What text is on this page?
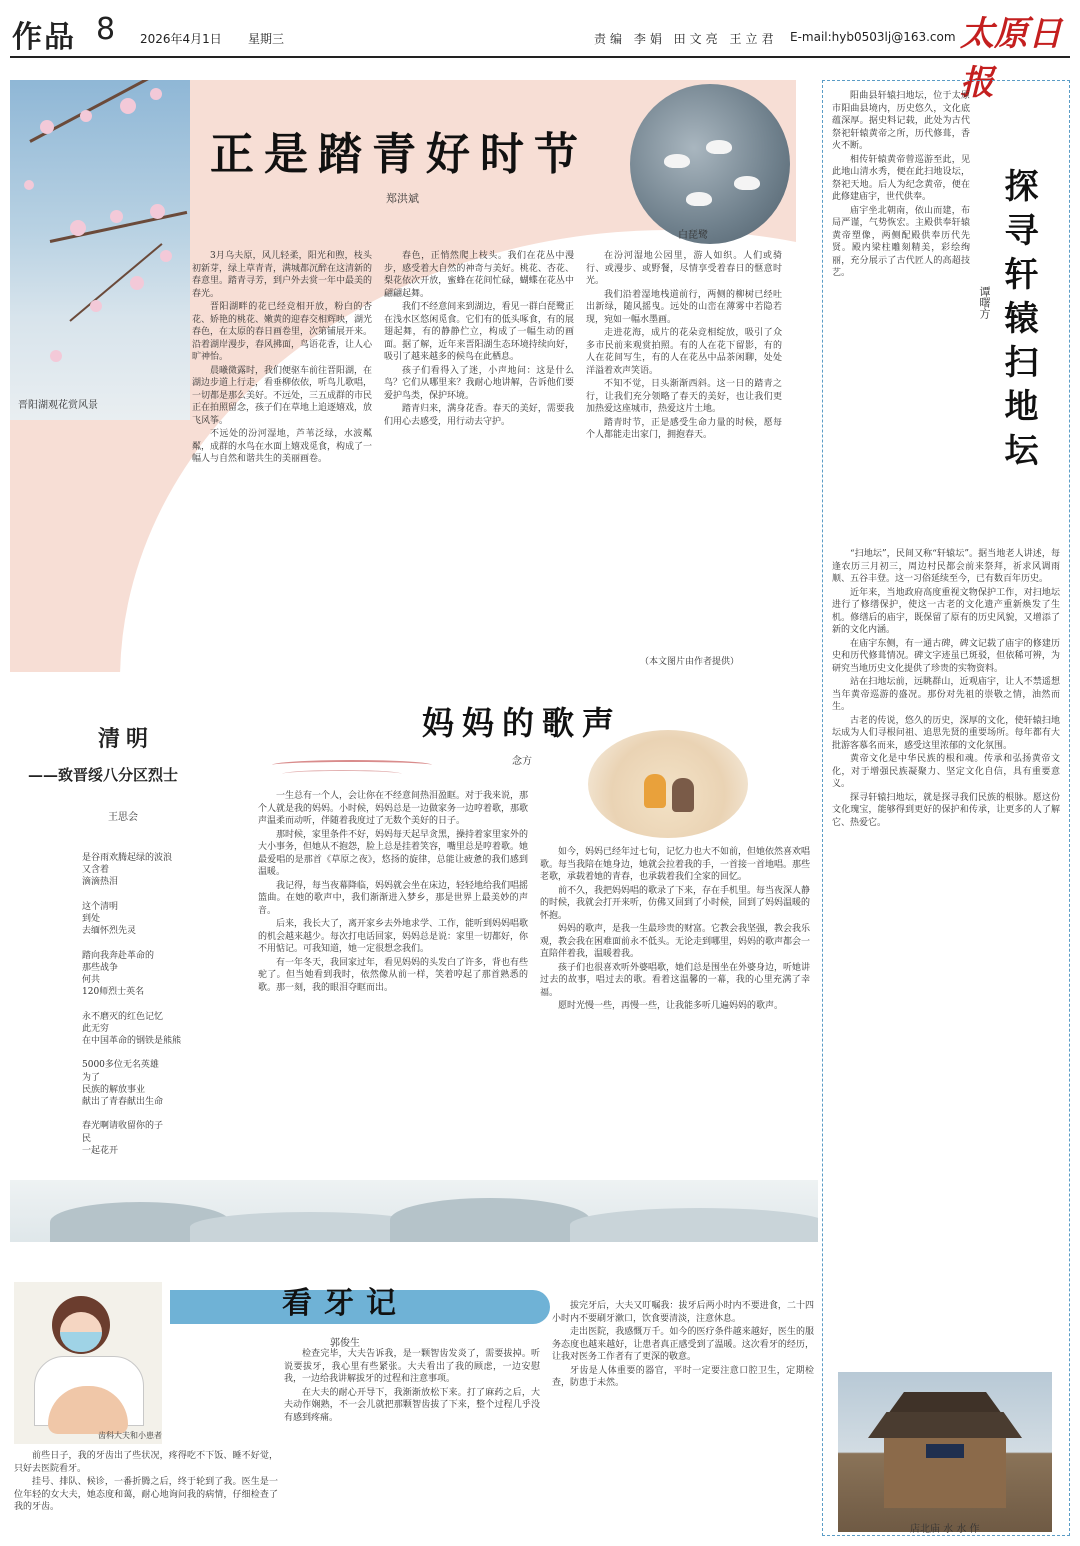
作品 8 2026年4月1日 星期三	责编 李娟 田文亮 王立君 E-mail:hyb0503lj@163.com 太原日报
晋阳湖观花赏风景
正是踏青好时节
郑洪斌
白琵鹭

3月乌夫原，风儿轻柔，阳光和煦，枝头初新芽，绿上草青青，满城都沉醉在这清新的春意里。踏青寻芳，到户外去赏一年中最美的春光。

晋阳湖畔的花已经竞相开放，粉白的杏花、娇艳的桃花、嫩黄的迎春交相辉映，湖光春色，在太原的春日画卷里，次第铺展开来。沿着湖岸漫步，春风拂面，鸟语花香，让人心旷神怡。

晨曦微露时，我们便驱车前往晋阳湖，在湖边步道上行走，看垂柳依依，听鸟儿歌唱，一切都是那么美好。不远处，三五成群的市民正在拍照留念，孩子们在草地上追逐嬉戏，放飞风筝。

不远处的汾河湿地，芦苇泛绿，水波粼粼，成群的水鸟在水面上嬉戏觅食，构成了一幅人与自然和谐共生的美丽画卷。

春色，正悄然爬上枝头。我们在花丛中漫步，感受着大自然的神奇与美好。桃花、杏花、梨花依次开放，蜜蜂在花间忙碌，蝴蝶在花丛中翩翩起舞。

我们不经意间来到湖边，看见一群白琵鹭正在浅水区悠闲觅食。它们有的低头啄食，有的展翅起舞，有的静静伫立，构成了一幅生动的画面。据了解，近年来晋阳湖生态环境持续向好，吸引了越来越多的候鸟在此栖息。

孩子们看得入了迷，小声地问：这是什么鸟？它们从哪里来？我耐心地讲解，告诉他们要爱护鸟类，保护环境。

踏青归来，满身花香。春天的美好，需要我们用心去感受，用行动去守护。

在汾河湿地公园里，游人如织。人们或骑行、或漫步、或野餐，尽情享受着春日的惬意时光。

我们沿着湿地栈道前行，两侧的柳树已经吐出新绿，随风摇曳。远处的山峦在薄雾中若隐若现，宛如一幅水墨画。

走进花海，成片的花朵竞相绽放，吸引了众多市民前来观赏拍照。有的人在花下留影，有的人在花间写生，有的人在花丛中品茶闲聊，处处洋溢着欢声笑语。

不知不觉，日头渐渐西斜。这一日的踏青之行，让我们充分领略了春天的美好，也让我们更加热爱这座城市，热爱这片土地。

踏青时节，正是感受生命力量的时候，愿每个人都能走出家门，拥抱春天。

（本文图片由作者提供）
清明
——致晋绥八分区烈士
王思会
是谷雨欢腾起绿的波浪
又含着
滴滴热泪
这个清明
到处
去缅怀烈先灵
踏向我奔赴革命的
那些战争
何共
120师烈士英名
永不磨灭的红色记忆
此无穷
在中国革命的钢铁是熊熊
5000多位无名英雄
为了
民族的解放事业
献出了青春献出生命
春光啊请收留你的子
民
一起花开
妈妈的歌声
念方

一生总有一个人，会让你在不经意间热泪盈眶。对于我来说，那个人就是我的妈妈。小时候，妈妈总是一边做家务一边哼着歌，那歌声温柔而动听，伴随着我度过了无数个美好的日子。

那时候，家里条件不好，妈妈每天起早贪黑，操持着家里家外的大小事务，但她从不抱怨，脸上总是挂着笑容，嘴里总是哼着歌。她最爱唱的是那首《草原之夜》，悠扬的旋律，总能让疲惫的我们感到温暖。

我记得，每当夜幕降临，妈妈就会坐在床边，轻轻地给我们唱摇篮曲。在她的歌声中，我们渐渐进入梦乡，那是世界上最美妙的声音。

后来，我长大了，离开家乡去外地求学、工作，能听到妈妈唱歌的机会越来越少。每次打电话回家，妈妈总是说：家里一切都好，你不用惦记。可我知道，她一定很想念我们。

有一年冬天，我回家过年，看见妈妈的头发白了许多，背也有些驼了。但当她看到我时，依然像从前一样，笑着哼起了那首熟悉的歌。那一刻，我的眼泪夺眶而出。

如今，妈妈已经年过七旬，记忆力也大不如前，但她依然喜欢唱歌。每当我陪在她身边，她就会拉着我的手，一首接一首地唱。那些老歌，承载着她的青春，也承载着我们全家的回忆。

前不久，我把妈妈唱的歌录了下来，存在手机里。每当夜深人静的时候，我就会打开来听，仿佛又回到了小时候，回到了妈妈温暖的怀抱。

妈妈的歌声，是我一生最珍贵的财富。它教会我坚强，教会我乐观，教会我在困难面前永不低头。无论走到哪里，妈妈的歌声都会一直陪伴着我，温暖着我。

孩子们也很喜欢听外婆唱歌，她们总是围坐在外婆身边，听她讲过去的故事，唱过去的歌。看着这温馨的一幕，我的心里充满了幸福。

愿时光慢一些，再慢一些，让我能多听几遍妈妈的歌声。

看牙记
郭俊生
齿科大夫和小患者

前些日子，我的牙齿出了些状况，疼得吃不下饭、睡不好觉，只好去医院看牙。

挂号、排队、候诊，一番折腾之后，终于轮到了我。医生是一位年轻的女大夫，她态度和蔼，耐心地询问我的病情，仔细检查了我的牙齿。

检查完毕，大夫告诉我，是一颗智齿发炎了，需要拔掉。听说要拔牙，我心里有些紧张。大夫看出了我的顾虑，一边安慰我，一边给我讲解拔牙的过程和注意事项。

在大夫的耐心开导下，我渐渐放松下来。打了麻药之后，大夫动作娴熟，不一会儿就把那颗智齿拔了下来，整个过程几乎没有感到疼痛。

拔完牙后，大夫又叮嘱我：拔牙后两小时内不要进食，二十四小时内不要刷牙漱口，饮食要清淡，注意休息。

走出医院，我感慨万千。如今的医疗条件越来越好，医生的服务态度也越来越好，让患者真正感受到了温暖。这次看牙的经历，让我对医务工作者有了更深的敬意。

牙齿是人体重要的器官，平时一定要注意口腔卫生，定期检查，防患于未然。

探寻轩辕扫地坛
谭曙方

阳曲县轩辕扫地坛，位于太原市阳曲县境内，历史悠久，文化底蕴深厚。据史料记载，此处为古代祭祀轩辕黄帝之所，历代修葺，香火不断。

相传轩辕黄帝曾巡游至此，见此地山清水秀，便在此扫地设坛，祭祀天地。后人为纪念黄帝，便在此修建庙宇，世代供奉。

庙宇坐北朝南，依山而建，布局严谨，气势恢宏。主殿供奉轩辕黄帝塑像，两侧配殿供奉历代先贤。殿内梁柱雕刻精美，彩绘绚丽，充分展示了古代匠人的高超技艺。

“扫地坛”，民间又称“轩辕坛”。据当地老人讲述，每逢农历三月初三，周边村民都会前来祭拜，祈求风调雨顺、五谷丰登。这一习俗延续至今，已有数百年历史。

近年来，当地政府高度重视文物保护工作，对扫地坛进行了修缮保护，使这一古老的文化遗产重新焕发了生机。修缮后的庙宇，既保留了原有的历史风貌，又增添了新的文化内涵。

在庙宇东侧，有一通古碑，碑文记载了庙宇的修建历史和历代修葺情况。碑文字迹虽已斑驳，但依稀可辨，为研究当地历史文化提供了珍贵的实物资料。

站在扫地坛前，远眺群山，近观庙宇，让人不禁遥想当年黄帝巡游的盛况。那份对先祖的崇敬之情，油然而生。

古老的传说，悠久的历史，深厚的文化，使轩辕扫地坛成为人们寻根问祖、追思先贤的重要场所。每年都有大批游客慕名而来，感受这里浓郁的文化氛围。

黄帝文化是中华民族的根和魂。传承和弘扬黄帝文化，对于增强民族凝聚力、坚定文化自信，具有重要意义。

探寻轩辕扫地坛，就是探寻我们民族的根脉。愿这份文化瑰宝，能够得到更好的保护和传承，让更多的人了解它、热爱它。

店北庙 水 水 作
